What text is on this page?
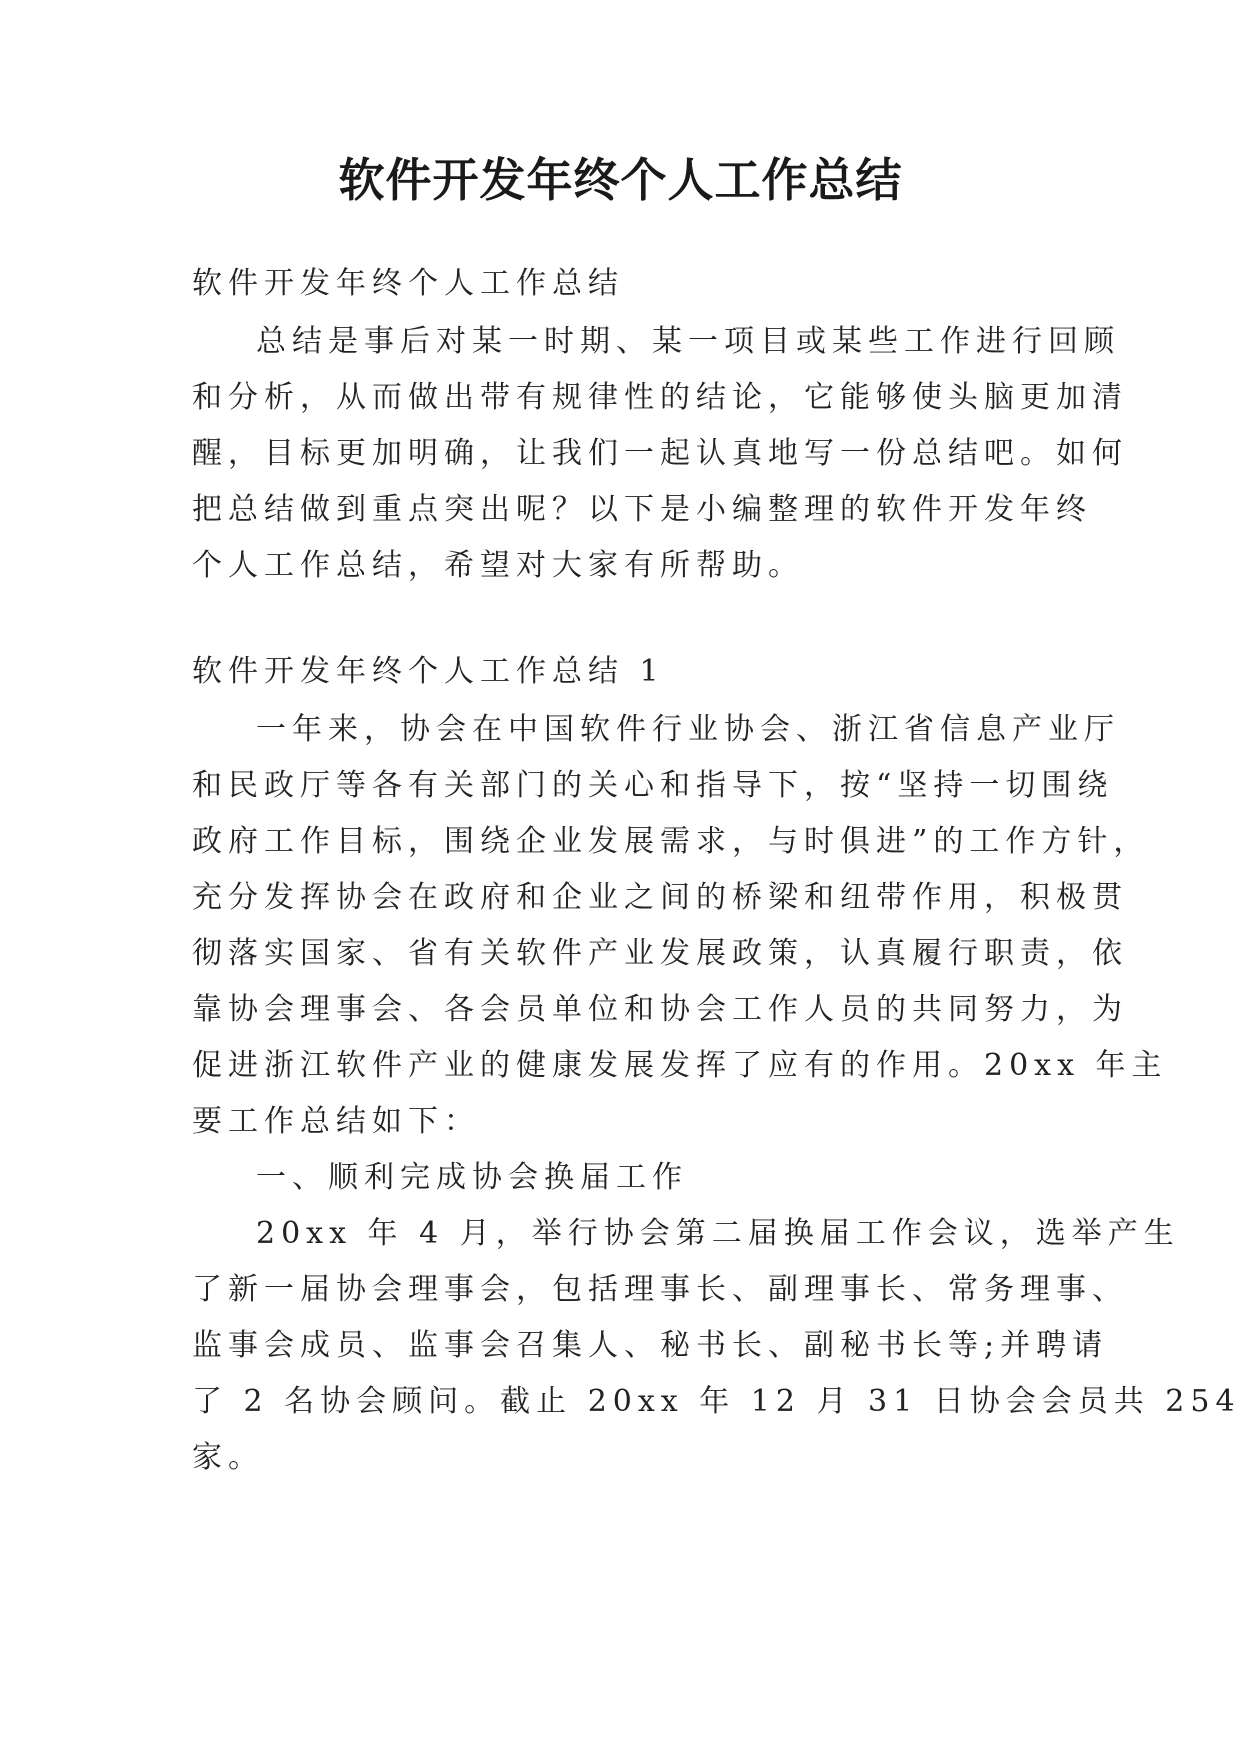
软件开发年终个人工作总结

软件开发年终个人工作总结

总结是事后对某一时期、某一项目或某些工作进行回顾

和分析，从而做出带有规律性的结论，它能够使头脑更加清

醒，目标更加明确，让我们一起认真地写一份总结吧。如何

把总结做到重点突出呢？以下是小编整理的软件开发年终

个人工作总结，希望对大家有所帮助。

软件开发年终个人工作总结 1

一年来，协会在中国软件行业协会、浙江省信息产业厅

和民政厅等各有关部门的关心和指导下，按“坚持一切围绕

政府工作目标，围绕企业发展需求，与时俱进”的工作方针，

充分发挥协会在政府和企业之间的桥梁和纽带作用，积极贯

彻落实国家、省有关软件产业发展政策，认真履行职责，依

靠协会理事会、各会员单位和协会工作人员的共同努力，为

促进浙江软件产业的健康发展发挥了应有的作用。20xx 年主

要工作总结如下：

一、顺利完成协会换届工作

20xx 年 4 月，举行协会第二届换届工作会议，选举产生

了新一届协会理事会，包括理事长、副理事长、常务理事、

监事会成员、监事会召集人、秘书长、副秘书长等;并聘请

了 2 名协会顾问。截止 20xx 年 12 月 31 日协会会员共 254

家。
